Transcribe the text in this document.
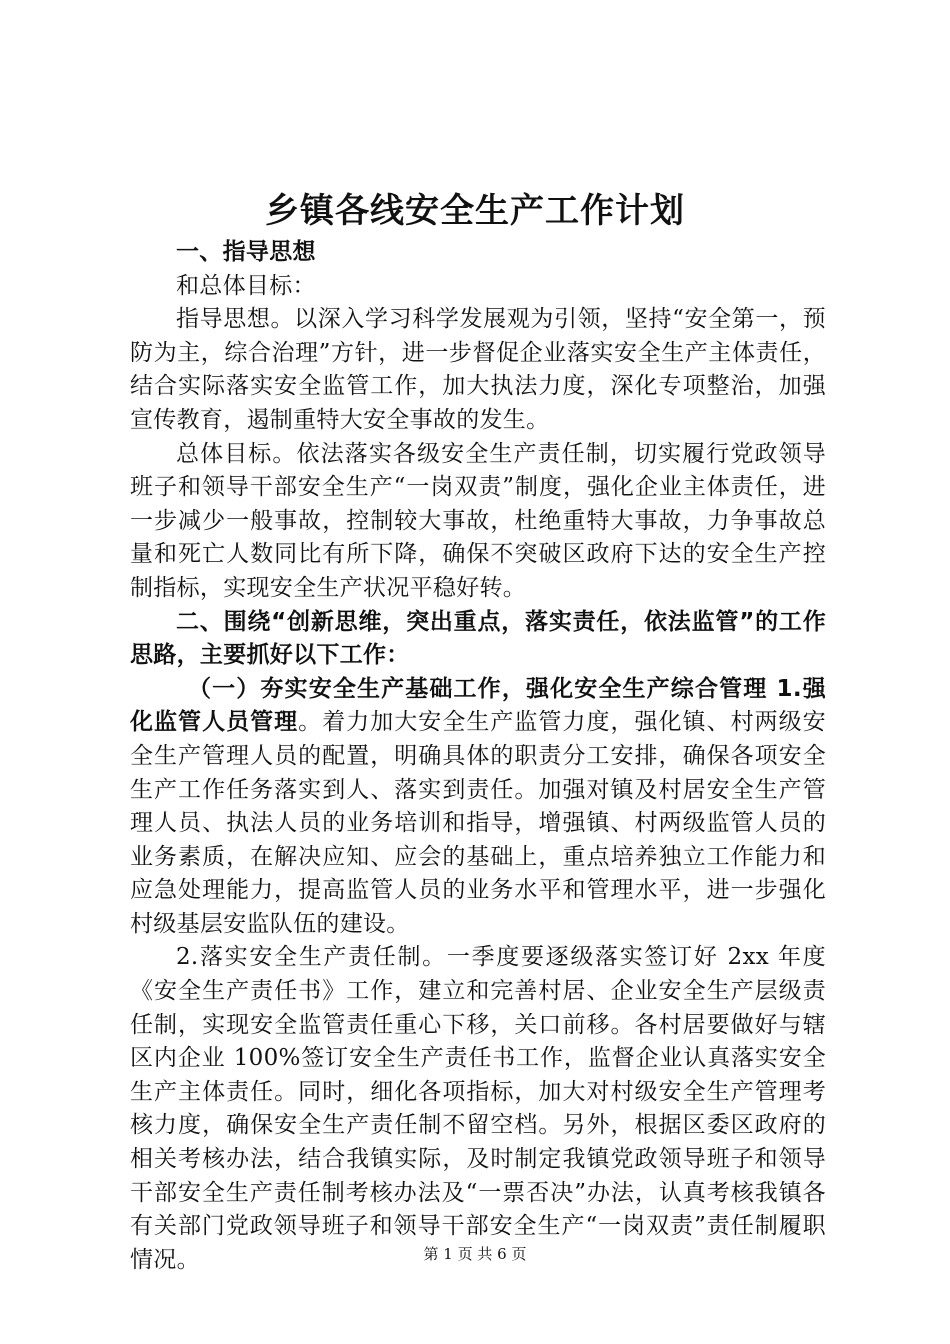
乡镇各线安全生产工作计划

一、指导思想

和总体目标：

指导思想。以深入学习科学发展观为引领，坚持“安全第一，预防为主，综合治理”方针，进一步督促企业落实安全生产主体责任，结合实际落实安全监管工作，加大执法力度，深化专项整治，加强宣传教育，遏制重特大安全事故的发生。

总体目标。依法落实各级安全生产责任制，切实履行党政领导班子和领导干部安全生产“一岗双责”制度，强化企业主体责任，进一步减少一般事故，控制较大事故，杜绝重特大事故，力争事故总量和死亡人数同比有所下降，确保不突破区政府下达的安全生产控制指标，实现安全生产状况平稳好转。

二、围绕“创新思维，突出重点，落实责任，依法监管”的工作思路，主要抓好以下工作：

（一）夯实安全生产基础工作，强化安全生产综合管理 1.强化监管人员管理。着力加大安全生产监管力度，强化镇、村两级安全生产管理人员的配置，明确具体的职责分工安排，确保各项安全生产工作任务落实到人、落实到责任。加强对镇及村居安全生产管理人员、执法人员的业务培训和指导，增强镇、村两级监管人员的业务素质，在解决应知、应会的基础上，重点培养独立工作能力和应急处理能力，提高监管人员的业务水平和管理水平，进一步强化村级基层安监队伍的建设。

2.落实安全生产责任制。一季度要逐级落实签订好 2xx 年度《安全生产责任书》工作，建立和完善村居、企业安全生产层级责任制，实现安全监管责任重心下移，关口前移。各村居要做好与辖区内企业 100%签订安全生产责任书工作，监督企业认真落实安全生产主体责任。同时，细化各项指标，加大对村级安全生产管理考核力度，确保安全生产责任制不留空档。另外，根据区委区政府的相关考核办法，结合我镇实际，及时制定我镇党政领导班子和领导干部安全生产责任制考核办法及“一票否决”办法，认真考核我镇各有关部门党政领导班子和领导干部安全生产“一岗双责”责任制履职情况。	第 1 页 共 6 页
